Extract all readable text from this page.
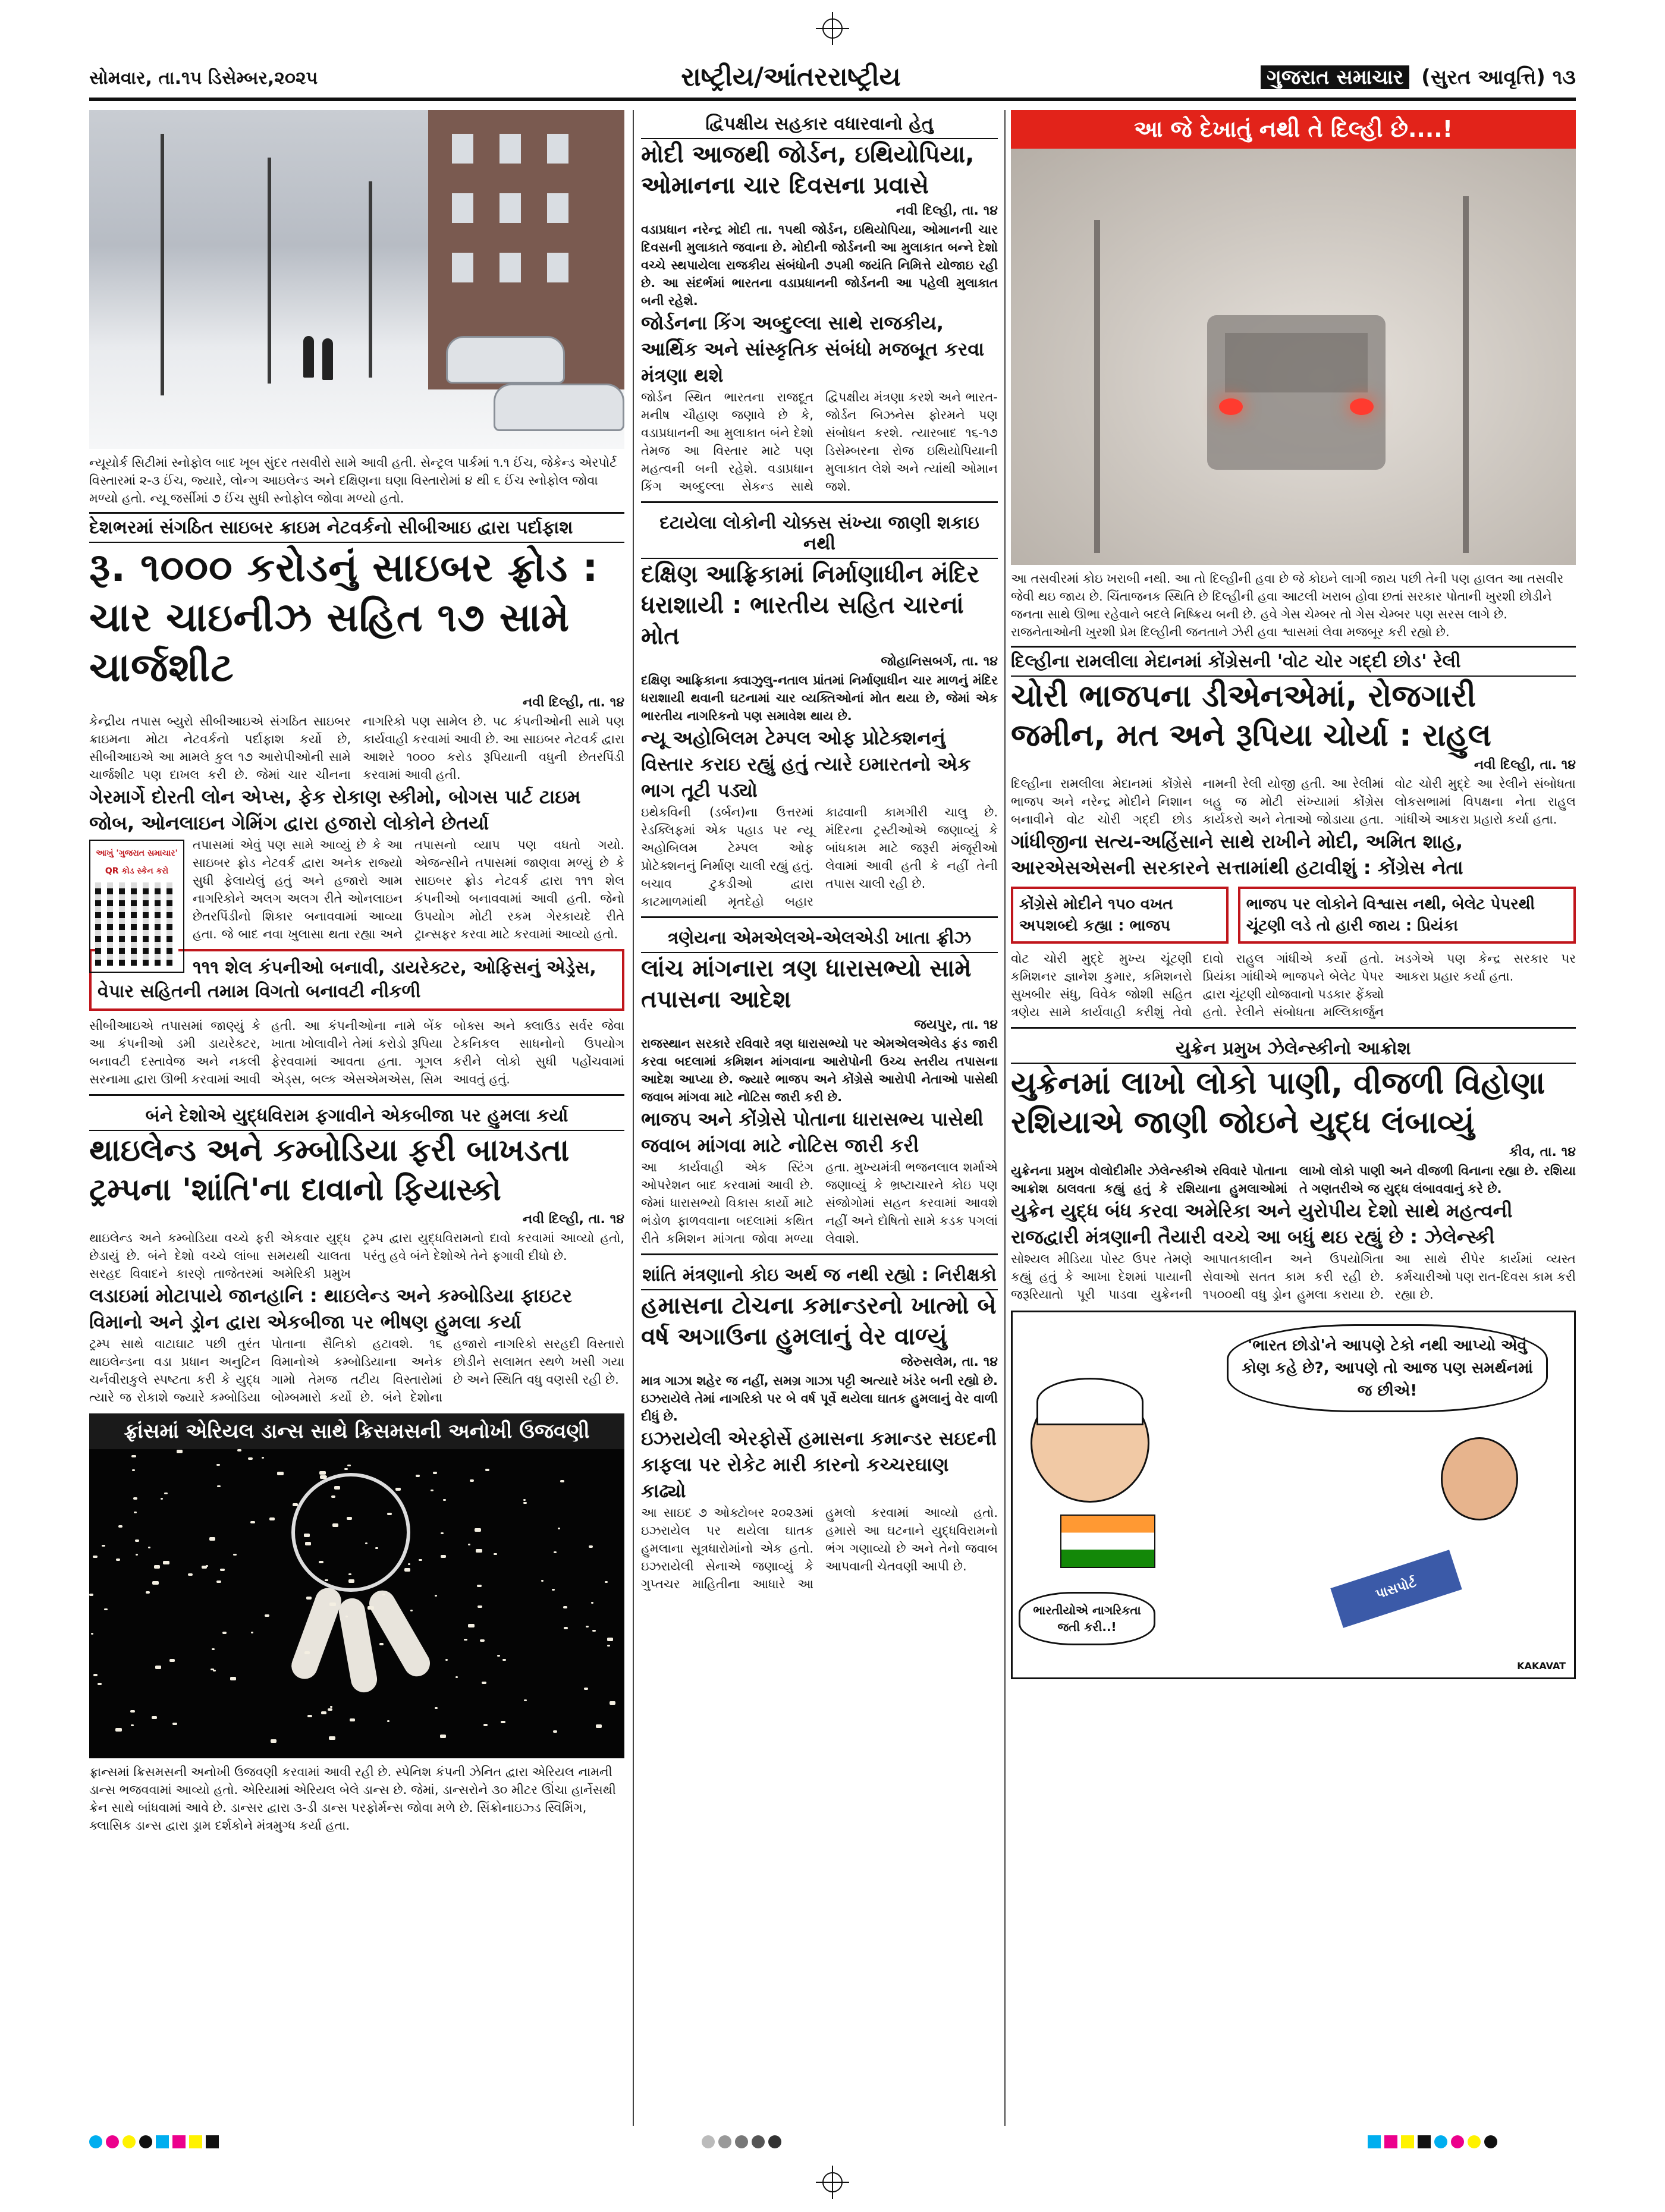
સોમવાર, તા.૧૫ ડિસેમ્બર,૨૦૨૫	રાષ્ટ્રીય/આંતરરાષ્ટ્રીય	ગુજરાત સમાચાર (સુરત આવૃત્તિ) ૧૩
ન્યૂયોર્ક સિટીમાં સ્નોફોલ બાદ ખૂબ સુંદર તસવીરો સામે આવી હતી. સેન્ટ્રલ પાર્કમાં ૧.૧ ઈંચ, જેકેન્ડ એરપોર્ટ વિસ્તારમાં ૨-૩ ઈંચ, જ્યારે, લોન્ગ આઇલેન્ડ અને દક્ષિણના ઘણા વિસ્તારોમાં ૪ થી ૬ ઈંચ સ્નોફોલ જોવા મળ્યો હતો. ન્યૂ જર્સીમાં ૭ ઈંચ સુધી સ્નોફોલ જોવા મળ્યો હતો.
દેશભરમાં સંગઠિત સાઇબર ક્રાઇમ નેટવર્કનો સીબીઆઇ દ્વારા પર્દાફાશ
રૂ. ૧૦૦૦ કરોડનું સાઇબર ફ્રોડ : ચાર ચાઇનીઝ સહિત ૧૭ સામે ચાર્જશીટ
નવી દિલ્હી, તા. ૧૪
કેન્દ્રીય તપાસ બ્યુરો સીબીઆઇએ સંગઠિત સાઇબર ક્રાઇમના મોટા નેટવર્કનો પર્દાફાશ કર્યો છે, સીબીઆઇએ આ મામલે કુલ ૧૭ આરોપીઓની સામે ચાર્જશીટ પણ દાખલ કરી છે. જેમાં ચાર ચીનના નાગરિકો પણ સામેલ છે. ૫૮ કંપનીઓની સામે પણ કાર્યવાહી કરવામાં આવી છે. આ સાઇબર નેટવર્ક દ્વારા આશરે ૧૦૦૦ કરોડ રૂપિયાની વધુની છેતરપિંડી કરવામાં આવી હતી.
ગેરમાર્ગે દોરતી લોન એપ્સ, ફેક રોકાણ સ્કીમો, બોગસ પાર્ટ ટાઇમ જોબ, ઓનલાઇન ગેમિંગ દ્વારા હજારો લોકોને છેતર્યા
આખું 'ગુજરાત સમાચાર' QR કોડ સ્કેન કરો
તપાસમાં એવું પણ સામે આવ્યું છે કે આ સાઇબર ફ્રોડ નેટવર્ક દ્વારા અનેક રાજ્યો સુધી ફેલાયેલું હતું અને હજારો આમ નાગરિકોને અલગ અલગ રીતે ઓનલાઇન છેતરપિંડીનો શિકાર બનાવવામાં આવ્યા હતા. જે બાદ નવા ખુલાસા થતા રહ્યા અને તપાસનો વ્યાપ પણ વધતો ગયો. એજન્સીને તપાસમાં જાણવા મળ્યું છે કે સાઇબર ફ્રોડ નેટવર્ક દ્વારા ૧૧૧ શેલ કંપનીઓ બનાવવામાં આવી હતી. જેનો ઉપયોગ મોટી રકમ ગેરકાયદે રીતે ટ્રાન્સફર કરવા માટે કરવામાં આવ્યો હતો.
૧૧૧ શેલ કંપનીઓ બનાવી, ડાયરેક્ટર, ઓફિસનું એડ્રેસ, વેપાર સહિતની તમામ વિગતો બનાવટી નીકળી
સીબીઆઇએ તપાસમાં જાણ્યું કે આ કંપનીઓ ડમી ડાયરેક્ટર, બનાવટી દસ્તાવેજ અને નકલી સરનામા દ્વારા ઊભી કરવામાં આવી હતી. આ કંપનીઓના નામે બેંક ખાતા ખોલાવીને તેમાં કરોડો રૂપિયા ફેરવવામાં આવતા હતા. ગૂગલ એડ્સ, બલ્ક એસએમએસ, સિમ બોક્સ અને ક્લાઉડ સર્વર જેવા ટેકનિકલ સાધનોનો ઉપયોગ કરીને લોકો સુધી પહોંચવામાં આવતું હતું.
બંને દેશોએ યુદ્ધવિરામ ફગાવીને એકબીજા પર હુમલા કર્યા
થાઇલેન્ડ અને કમ્બોડિયા ફરી બાખડતા ટ્રમ્પના 'શાંતિ'ના દાવાનો ફિયાસ્કો
નવી દિલ્હી, તા. ૧૪
થાઇલેન્ડ અને કમ્બોડિયા વચ્ચે ફરી એકવાર યુદ્ધ છેડાયું છે. બંને દેશો વચ્ચે લાંબા સમયથી ચાલતા સરહદ વિવાદને કારણે તાજેતરમાં અમેરિકી પ્રમુખ ટ્રમ્પ દ્વારા યુદ્ધવિરામનો દાવો કરવામાં આવ્યો હતો, પરંતુ હવે બંને દેશોએ તેને ફગાવી દીધો છે.
લડાઇમાં મોટાપાયે જાનહાનિ : થાઇલેન્ડ અને કમ્બોડિયા ફાઇટર વિમાનો અને ડ્રોન દ્વારા એકબીજા પર ભીષણ હુમલા કર્યા
ટ્રમ્પ સાથે વાટાઘાટ પછી તુરંત થાઇલેન્ડના વડા પ્રધાન અનુટિન ચર્નવીરાકુલે સ્પષ્ટતા કરી કે યુદ્ધ ત્યારે જ રોકાશે જ્યારે કમ્બોડિયા પોતાના સૈનિકો હટાવશે. ૧૬ વિમાનોએ કમ્બોડિયાના અનેક ગામો તેમજ તટીય વિસ્તારોમાં બોમ્બમારો કર્યો છે. બંને દેશોના હજારો નાગરિકો સરહદી વિસ્તારો છોડીને સલામત સ્થળે ખસી ગયા છે અને સ્થિતિ વધુ વણસી રહી છે.
ફ્રાંસમાં એરિયલ ડાન્સ સાથે ક્રિસમસની અનોખી ઉજવણી
ફ્રાન્સમાં ક્રિસમસની અનોખી ઉજવણી કરવામાં આવી રહી છે. સ્પેનિશ કંપની ઝેનિત દ્વારા એરિયલ નામની ડાન્સ ભજવવામાં આવ્યો હતો. એરિયામાં એરિયલ બેલે ડાન્સ છે. જેમાં, ડાન્સરોને ૩૦ મીટર ઊંચા હાર્નેસથી ક્રેન સાથે બાંધવામાં આવે છે. ડાન્સર દ્વારા ૩-ડી ડાન્સ પરફોર્મન્સ જોવા મળે છે. સિંક્રોનાઇઝ્ડ સ્વિમિંગ, ક્લાસિક ડાન્સ દ્વારા ડ્રામ દર્શકોને મંત્રમુગ્ધ કર્યા હતા.
દ્વિપક્ષીય સહકાર વધારવાનો હેતુ
મોદી આજથી જોર્ડન, ઇથિયોપિયા, ઓમાનના ચાર દિવસના પ્રવાસે
નવી દિલ્હી, તા. ૧૪
વડાપ્રધાન નરેન્દ્ર મોદી તા. ૧૫થી જોર્ડન, ઇથિયોપિયા, ઓમાનની ચાર દિવસની મુલાકાતે જવાના છે. મોદીની જોર્ડનની આ મુલાકાત બન્ને દેશો વચ્ચે સ્થપાયેલા રાજકીય સંબંધોની ૭૫મી જયંતિ નિમિત્તે યોજાઇ રહી છે. આ સંદર્ભમાં ભારતના વડાપ્રધાનની જોર્ડનની આ પહેલી મુલાકાત બની રહેશે.
જોર્ડનના કિંગ અબ્દુલ્લા સાથે રાજકીય, આર્થિક અને સાંસ્કૃતિક સંબંધો મજબૂત કરવા મંત્રણા થશે
જોર્ડન સ્થિત ભારતના રાજદૂત મનીષ ચૌહાણ જણાવે છે કે, વડાપ્રધાનની આ મુલાકાત બંને દેશો તેમજ આ વિસ્તાર માટે પણ મહત્વની બની રહેશે. વડાપ્રધાન કિંગ અબ્દુલ્લા સેકન્ડ સાથે દ્વિપક્ષીય મંત્રણા કરશે અને ભારત-જોર્ડન બિઝનેસ ફોરમને પણ સંબોધન કરશે. ત્યારબાદ ૧૬-૧૭ ડિસેમ્બરના રોજ ઇથિયોપિયાની મુલાકાત લેશે અને ત્યાંથી ઓમાન જશે.
દટાયેલા લોકોની ચોક્કસ સંખ્યા જાણી શકાઇ નથી
દક્ષિણ આફ્રિકામાં નિર્માણાધીન મંદિર ધરાશાયી : ભારતીય સહિત ચારનાં મોત
જોહાનિસબર્ગ, તા. ૧૪
દક્ષિણ આફ્રિકાના ક્વાઝુલુ-નતાલ પ્રાંતમાં નિર્માણાધીન ચાર માળનું મંદિર ધરાશાયી થવાની ઘટનામાં ચાર વ્યક્તિઓનાં મોત થયા છે, જેમાં એક ભારતીય નાગરિકનો પણ સમાવેશ થાય છે.
ન્યૂ અહોબિલમ ટેમ્પલ ઓફ પ્રોટેક્શનનું વિસ્તાર કરાઇ રહ્યું હતું ત્યારે ઇમારતનો એક ભાગ તૂટી પડ્યો
ઇથેકવિની (ડર્બન)ના ઉત્તરમાં રેડક્લિફમાં એક પહાડ પર ન્યૂ અહોબિલમ ટેમ્પલ ઓફ પ્રોટેક્શનનું નિર્માણ ચાલી રહ્યું હતું. બચાવ ટુકડીઓ દ્વારા કાટમાળમાંથી મૃતદેહો બહાર કાઢવાની કામગીરી ચાલુ છે. મંદિરના ટ્રસ્ટીઓએ જણાવ્યું કે બાંધકામ માટે જરૂરી મંજૂરીઓ લેવામાં આવી હતી કે નહીં તેની તપાસ ચાલી રહી છે.
ત્રણેયના એમએલએ-એલએડી ખાતા ફ્રીઝ
લાંચ માંગનારા ત્રણ ધારાસભ્યો સામે તપાસના આદેશ
જયપુર, તા. ૧૪
રાજસ્થાન સરકારે રવિવારે ત્રણ ધારાસભ્યો પર એમએલએલેડ ફંડ જારી કરવા બદલામાં કમિશન માંગવાના આરોપોની ઉચ્ચ સ્તરીય તપાસના આદેશ આપ્યા છે. જ્યારે ભાજપ અને કોંગ્રેસે આરોપી નેતાઓ પાસેથી જવાબ માંગવા માટે નોટિસ જારી કરી છે.
ભાજપ અને કોંગ્રેસે પોતાના ધારાસભ્ય પાસેથી જવાબ માંગવા માટે નોટિસ જારી કરી
આ કાર્યવાહી એક સ્ટિંગ ઓપરેશન બાદ કરવામાં આવી છે. જેમાં ધારાસભ્યો વિકાસ કાર્યો માટે ભંડોળ ફાળવવાના બદલામાં કથિત રીતે કમિશન માંગતા જોવા મળ્યા હતા. મુખ્યમંત્રી ભજનલાલ શર્માએ જણાવ્યું કે ભ્રષ્ટાચારને કોઇ પણ સંજોગોમાં સહન કરવામાં આવશે નહીં અને દોષિતો સામે કડક પગલાં લેવાશે.
શાંતિ મંત્રણાનો કોઇ અર્થ જ નથી રહ્યો : નિરીક્ષકો
હમાસના ટોચના કમાન્ડરનો ખાત્મો બે વર્ષ અગાઉના હુમલાનું વેર વાળ્યું
જેરુસલેમ, તા. ૧૪
માત્ર ગાઝા શહેર જ નહીં, સમગ્ર ગાઝા પટ્ટી અત્યારે ખંડેર બની રહ્યો છે. ઇઝરાયેલે તેમાં નાગરિકો પર બે વર્ષ પૂર્વે થયેલા ઘાતક હુમલાનું વેર વાળી દીધું છે.
ઇઝરાયેલી એરફોર્સે હમાસના કમાન્ડર સઇદની કાફલા પર રોકેટ મારી કારનો કચ્ચરઘાણ કાઢ્યો
આ સાઇદ ૭ ઓક્ટોબર ૨૦૨૩માં ઇઝરાયેલ પર થયેલા ઘાતક હુમલાના સૂત્રધારોમાંનો એક હતો. ઇઝરાયેલી સેનાએ જણાવ્યું કે ગુપ્તચર માહિતીના આધારે આ હુમલો કરવામાં આવ્યો હતો. હમાસે આ ઘટનાને યુદ્ધવિરામનો ભંગ ગણાવ્યો છે અને તેનો જવાબ આપવાની ચેતવણી આપી છે.
આ જે દેખાતું નથી તે દિલ્હી છે....!
આ તસવીરમાં કોઇ ખરાબી નથી. આ તો દિલ્હીની હવા છે જે કોઇને લાગી જાય પછી તેની પણ હાલત આ તસવીર જેવી થઇ જાય છે. ચિંતાજનક સ્થિતિ છે દિલ્હીની હવા આટલી ખરાબ હોવા છતાં સરકાર પોતાની ખુરશી છોડીને જનતા સાથે ઊભા રહેવાને બદલે નિષ્ક્રિય બની છે. હવે ગેસ ચેમ્બર તો ગેસ ચેમ્બર પણ સરસ લાગે છે. રાજનેતાઓની ખુરશી પ્રેમ દિલ્હીની જનતાને ઝેરી હવા શ્વાસમાં લેવા મજબૂર કરી રહ્યો છે.
દિલ્હીના રામલીલા મેદાનમાં કોંગ્રેસની 'વોટ ચોર ગદ્દી છોડ' રેલી
ચોરી ભાજપના ડીએનએમાં, રોજગારી જમીન, મત અને રૂપિયા ચોર્યા : રાહુલ
નવી દિલ્હી, તા. ૧૪
દિલ્હીના રામલીલા મેદાનમાં કોંગ્રેસે ભાજપ અને નરેન્દ્ર મોદીને નિશાન બનાવીને વોટ ચોરી ગદ્દી છોડ નામની રેલી યોજી હતી. આ રેલીમાં બહુ જ મોટી સંખ્યામાં કોંગ્રેસ કાર્યકરો અને નેતાઓ જોડાયા હતા. વોટ ચોરી મુદ્દે આ રેલીને સંબોધતા લોકસભામાં વિપક્ષના નેતા રાહુલ ગાંધીએ આકરા પ્રહારો કર્યા હતા.
ગાંધીજીના સત્ય-અહિંસાને સાથે રાખીને મોદી, અમિત શાહ, આરએસએસની સરકારને સત્તામાંથી હટાવીશું : કોંગ્રેસ નેતા
કોંગ્રેસે મોદીને ૧૫૦ વખત અપશબ્દો કહ્યા : ભાજપ
ભાજપ પર લોકોને વિશ્વાસ નથી, બેલેટ પેપરથી ચૂંટણી લડે તો હારી જાય : પ્રિયંકા
વોટ ચોરી મુદ્દે મુખ્ય ચૂંટણી કમિશનર જ્ઞાનેશ કુમાર, કમિશનરો સુખબીર સંધુ, વિવેક જોશી સહિત ત્રણેય સામે કાર્યવાહી કરીશું તેવો દાવો રાહુલ ગાંધીએ કર્યો હતો. પ્રિયંકા ગાંધીએ ભાજપને બેલેટ પેપર દ્વારા ચૂંટણી યોજવાનો પડકાર ફેંક્યો હતો. રેલીને સંબોધતા મલ્લિકાર્જુન ખડગેએ પણ કેન્દ્ર સરકાર પર આકરા પ્રહાર કર્યા હતા.
યુક્રેન પ્રમુખ ઝેલેન્સ્કીનો આક્રોશ
યુક્રેનમાં લાખો લોકો પાણી, વીજળી વિહોણા રશિયાએ જાણી જોઇને યુદ્ધ લંબાવ્યું
કીવ, તા. ૧૪
યુક્રેનના પ્રમુખ વોલોદીમીર ઝેલેન્સ્કીએ રવિવારે પોતાના આક્રોશ ઠાલવતા કહ્યું હતું કે રશિયાના હુમલાઓમાં લાખો લોકો પાણી અને વીજળી વિનાના રહ્યા છે. રશિયા તે ગણતરીએ જ યુદ્ધ લંબાવવાનું કરે છે.
યુક્રેન યુદ્ધ બંધ કરવા અમેરિકા અને યુરોપીય દેશો સાથે મહત્વની રાજદ્વારી મંત્રણાની તૈયારી વચ્ચે આ બધું થઇ રહ્યું છે : ઝેલેન્સ્કી
સોશ્યલ મીડિયા પોસ્ટ ઉપર તેમણે કહ્યું હતું કે આખા દેશમાં પાયાની જરૂરિયાતો પૂરી પાડવા યુક્રેનની આપાતકાલીન અને ઉપયોગિતા સેવાઓ સતત કામ કરી રહી છે. ૧૫૦૦થી વધુ ડ્રોન હુમલા કરાયા છે. આ સાથે રીપેર કાર્યમાં વ્યસ્ત કર્મચારીઓ પણ રાત-દિવસ કામ કરી રહ્યા છે.
'ભારત છોડો'ને આપણે ટેકો નથી આપ્યો એવું કોણ કહે છે?, આપણે તો આજ પણ સમર્થનમાં જ છીએ!
પાસપોર્ટ
ભારતીયોએ નાગરિકતા જતી કરી..!
KAKAVAT
